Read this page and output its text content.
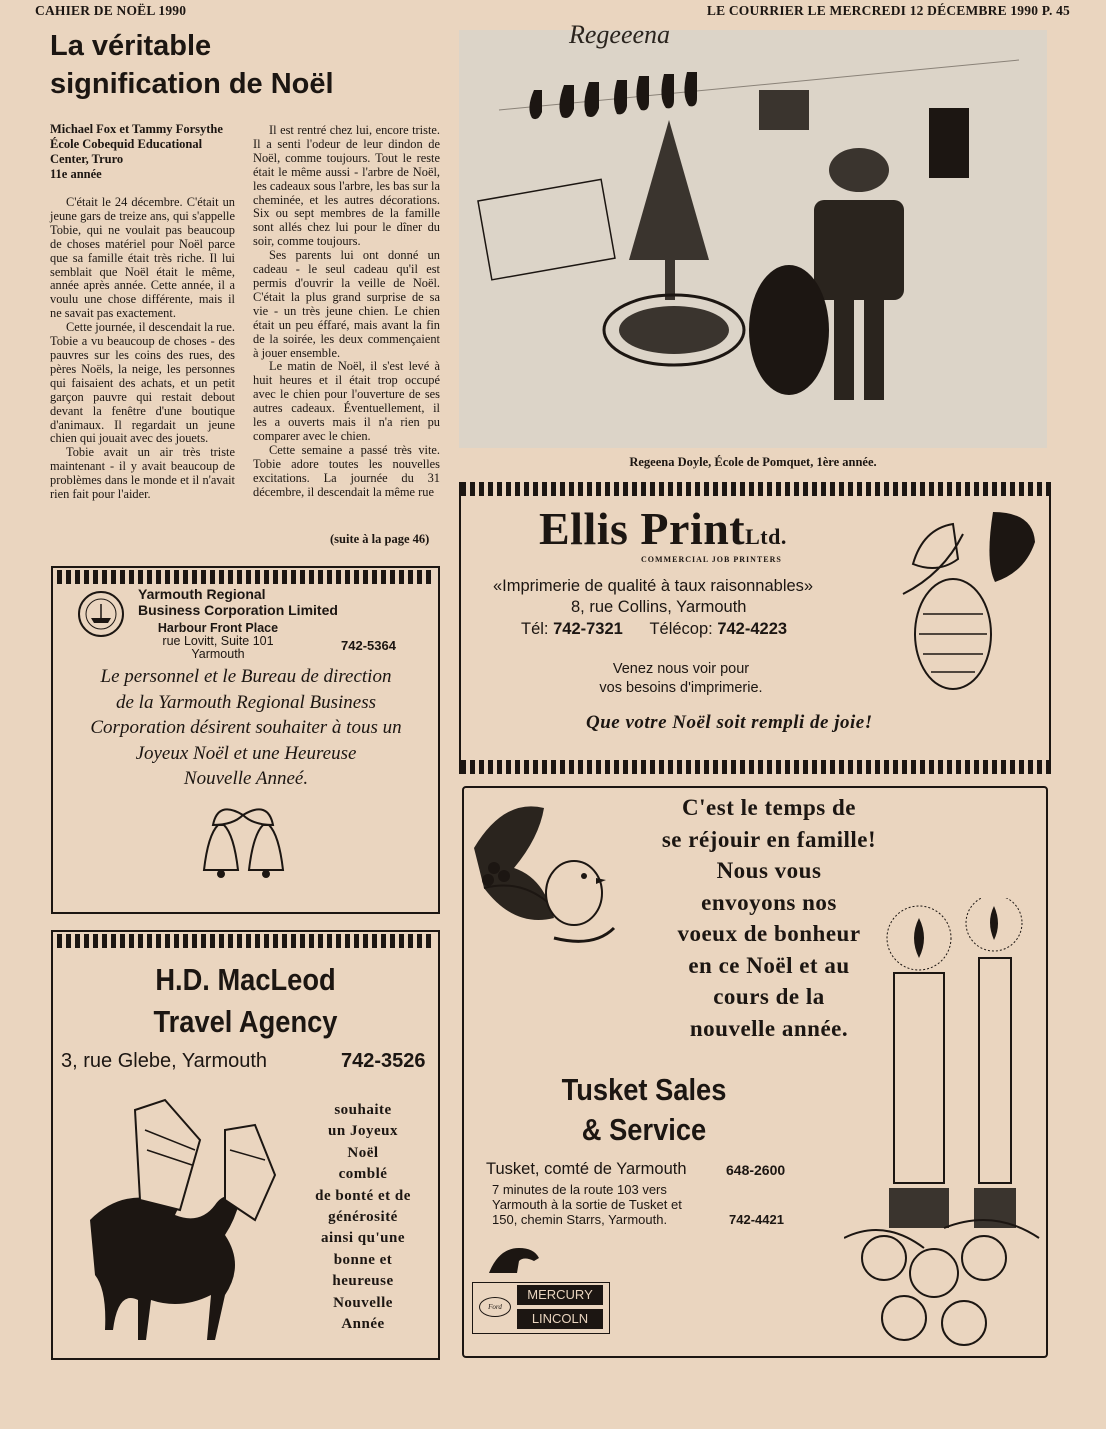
CAHIER DE NOËL 1990	LE COURRIER LE MERCREDI 12 DÉCEMBRE 1990 P. 45
La véritable
signification de Noël
Michael Fox et Tammy Forsythe
École Cobequid Educational
Center, Truro
11e année

C'était le 24 décembre. C'était un jeune gars de treize ans, qui s'appelle Tobie, qui ne voulait pas beaucoup de choses matériel pour Noël parce que sa famille était très riche. Il lui semblait que Noël était le même, année après année. Cette année, il a voulu une chose différente, mais il ne savait pas exactement.

Cette journée, il descendait la rue. Tobie a vu beaucoup de choses - des pauvres sur les coins des rues, des pères Noëls, la neige, les personnes qui faisaient des achats, et un petit garçon pauvre qui restait debout devant la fenêtre d'une boutique d'animaux. Il regardait un jeune chien qui jouait avec des jouets.

Tobie avait un air très triste maintenant - il y avait beaucoup de problèmes dans le monde et il n'avait rien fait pour l'aider.

Il est rentré chez lui, encore triste. Il a senti l'odeur de leur dindon de Noël, comme toujours. Tout le reste était le même aussi - l'arbre de Noël, les cadeaux sous l'arbre, les bas sur la cheminée, et les autres décorations. Six ou sept membres de la famille sont allés chez lui pour le dîner du soir, comme toujours.

Ses parents lui ont donné un cadeau - le seul cadeau qu'il est permis d'ouvrir la veille de Noël. C'était la plus grand surprise de sa vie - un très jeune chien. Le chien était un peu éffaré, mais avant la fin de la soirée, les deux commençaient à jouer ensemble.

Le matin de Noël, il s'est levé à huit heures et il était trop occupé avec le chien pour l'ouverture de ses autres cadeaux. Éventuellement, il les a ouverts mais il n'a rien pu comparer avec le chien.

Cette semaine a passé très vite. Tobie adore toutes les nouvelles excitations. La journée du 31 décembre, il descendait la même rue

(suite à la page 46)
Regeeena
Regeena Doyle, École de Pomquet, 1ère année.
Yarmouth Regional
Business Corporation Limited
Harbour Front Place
rue Lovitt, Suite 101
Yarmouth
742-5364
Le personnel et le Bureau de direction
de la Yarmouth Regional Business
Corporation désirent souhaiter à tous un
Joyeux Noël et une Heureuse
Nouvelle Anneé.
Ellis PrintLtd.
COMMERCIAL JOB PRINTERS
«Imprimerie de qualité à taux raisonnables»
8, rue Collins, Yarmouth
Tél: 742-7321 Télécop: 742-4223
Venez nous voir pour
vos besoins d'imprimerie.
Que votre Noël soit rempli de joie!
H.D. MacLeod
Travel Agency
3, rue Glebe, Yarmouth	742-3526
souhaite
un Joyeux
Noël
comblé
de bonté et de
générosité
ainsi qu'une
bonne et
heureuse
Nouvelle
Année
C'est le temps de
se réjouir en famille!
Nous vous
envoyons nos
voeux de bonheur
en ce Noël et au
cours de la
nouvelle année.
Tusket Sales
& Service
Tusket, comté de Yarmouth	648-2600
7 minutes de la route 103 vers
Yarmouth à la sortie de Tusket et
150, chemin Starrs, Yarmouth.	742-4421
Ford
MERCURY
LINCOLN
